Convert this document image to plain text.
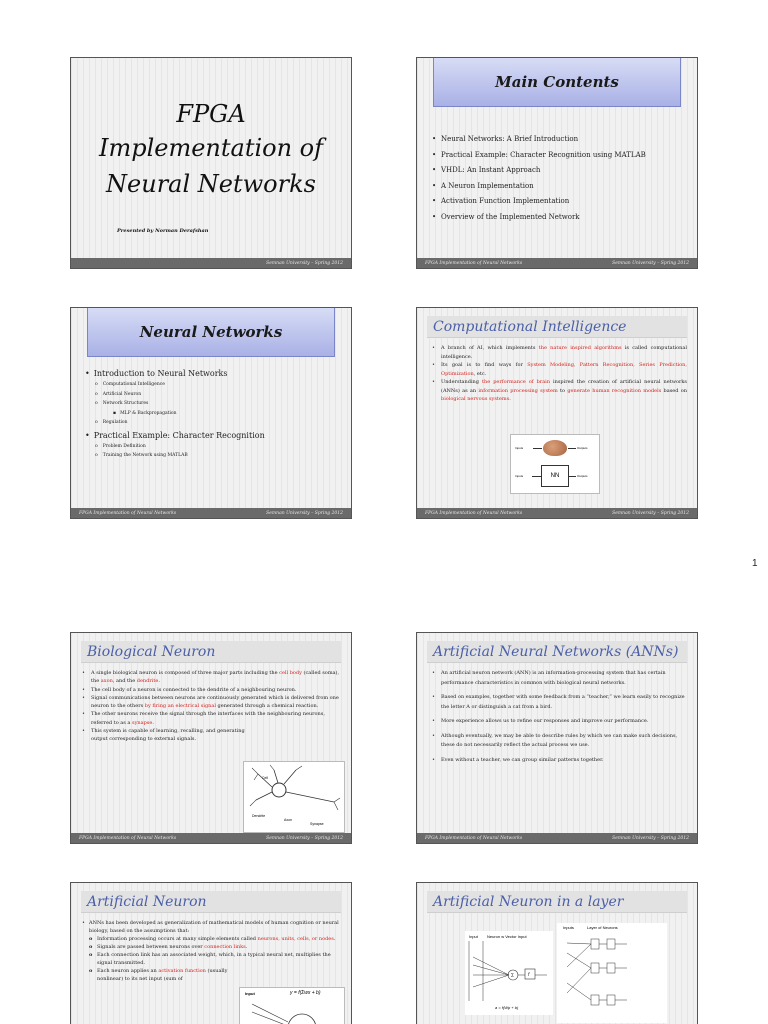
FPGA
Implementation of
Neural Networks
Presented by Norman Derafshan
Semnan University – Spring 2012
Main Contents
• Neural Networks: A Brief Introduction
• Practical Example: Character Recognition using MATLAB
• VHDL: An Instant Approach
• A Neuron Implementation
• Activation Function Implementation
• Overview of the Implemented Network
FPGA Implementation of Neural Networks	Semnan University – Spring 2012
Neural Networks
• Introduction to Neural Networks
o Computational Intelligence
o Artificial Neuron
o Network Structures
▪ MLP & Backpropagation
o Regulation
• Practical Example: Character Recognition
o Problem Definition
o Training the Network using MATLAB
FPGA Implementation of Neural Networks	Semnan University – Spring 2012
Computational Intelligence
• A branch of AI, which implements the nature inspired algorithms is called computational intelligence.
• Its goal is to find ways for System Modeling, Pattern Recognition, Series Prediction, Optimization, etc.
• Understanding the performance of brain inspired the creation of artificial neural networks (ANNs) as an information processing system to generate human recognition models based on biological nervous systems.
Inputs	Outputs
Inputs	NN	Outputs
FPGA Implementation of Neural Networks	Semnan University – Spring 2012
1
Biological Neuron
• A single biological neuron is composed of three major parts including the cell body (called soma), the axon, and the dendrite.
• The cell body of a neuron is connected to the dendrite of a neighbouring neuron.
• Signal communications between neurons are continuously generated which is delivered from one neuron to the others by firing an electrical signal generated through a chemical reaction.
• The other neurons receive the signal through the interfaces with the neighbouring neurons, referred to as a synapse.
• This system is capable of learning, recalling, and generating output corresponding to external signals.
Cell
Dendrite
Axon
Synapse
FPGA Implementation of Neural Networks	Semnan University – Spring 2012
Artificial Neural Networks (ANNs)
• An artificial neuron network (ANN) is an information-processing system that has certain performance characteristics in common with biological neural networks.
• Based on examples, together with some feedback from a “teacher,” we learn easily to recognize the letter A or distinguish a cat from a bird.
• More experience allows us to refine our responses and improve our performance.
• Although eventually, we may be able to describe rules by which we can make such decisions, these do not necessarily reflect the actual process we use.
• Even without a teacher, we can group similar patterns together.
FPGA Implementation of Neural Networks	Semnan University – Spring 2012
Artificial Neuron
• ANNs has been developed as generalization of mathematical models of human cognition or neural biology, based on the assumptions that:
o Information processing occurs at many simple elements called neurons, units, cells, or nodes.
o Signals are passed between neurons over connection links.
o Each connection link has an associated weight, which, in a typical neural net, multiplies the signal transmitted.
o Each neuron applies an activation function (usually nonlinear) to its net input (sum of
Input	y = f(Σwx + b)
Artificial Neuron in a layer
Input Neuron w Vector Input
Σ	f
a = f(Wp + b)
Inputs	Layer of Neurons
